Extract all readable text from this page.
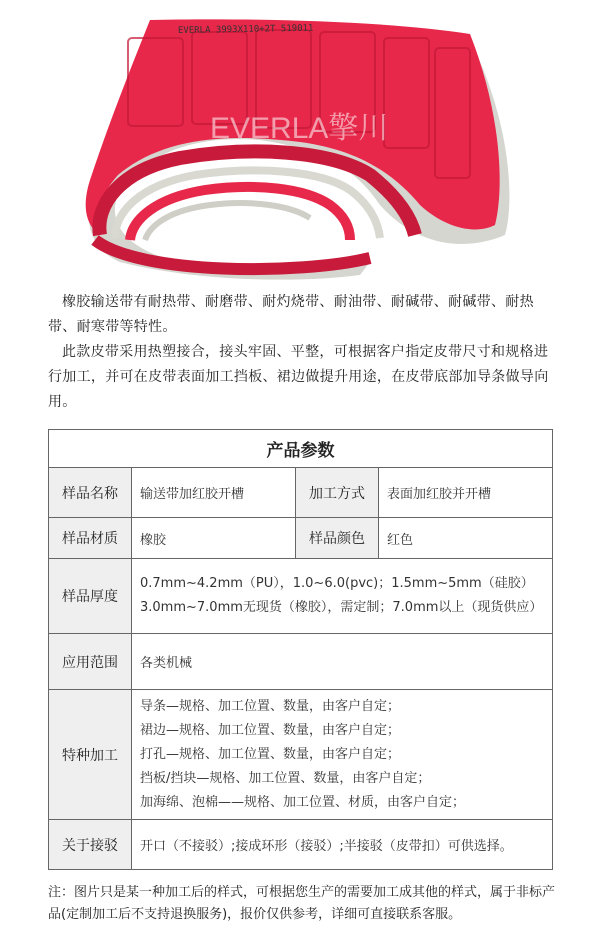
EVERLA 3993X110+2T 519011
EVERLA擎川

橡胶输送带有耐热带、耐磨带、耐灼烧带、耐油带、耐碱带、耐碱带、耐热带、耐寒带等特性。

此款皮带采用热塑接合，接头牢固、平整，可根据客户指定皮带尺寸和规格进行加工，并可在皮带表面加工挡板、裙边做提升用途，在皮带底部加导条做导向用。

产品参数			
样品名称	输送带加红胶开槽	加工方式	表面加红胶并开槽
样品材质	橡胶	样品颜色	红色
样品厚度	0.7mm~4.2mm（PU），1.0~6.0(pvc)；1.5mm~5mm（硅胶）
3.0mm~7.0mm无现货（橡胶），需定制；7.0mm以上（现货供应）		

应用范围	各类机械		
特种加工	导条—规格、加工位置、数量，由客户自定；
裙边—规格、加工位置、数量，由客户自定；
打孔—规格、加工位置、数量，由客户自定；
挡板/挡块—规格、加工位置、数量，由客户自定；
加海绵、泡棉——规格、加工位置、材质，由客户自定；		

关于接驳	开口（不接驳）;接成环形（接驳）;半接驳（皮带扣）可供选择。		
注：图片只是某一种加工后的样式，可根据您生产的需要加工成其他的样式，属于非标产品(定制加工后不支持退换服务)，报价仅供参考，详细可直接联系客服。
